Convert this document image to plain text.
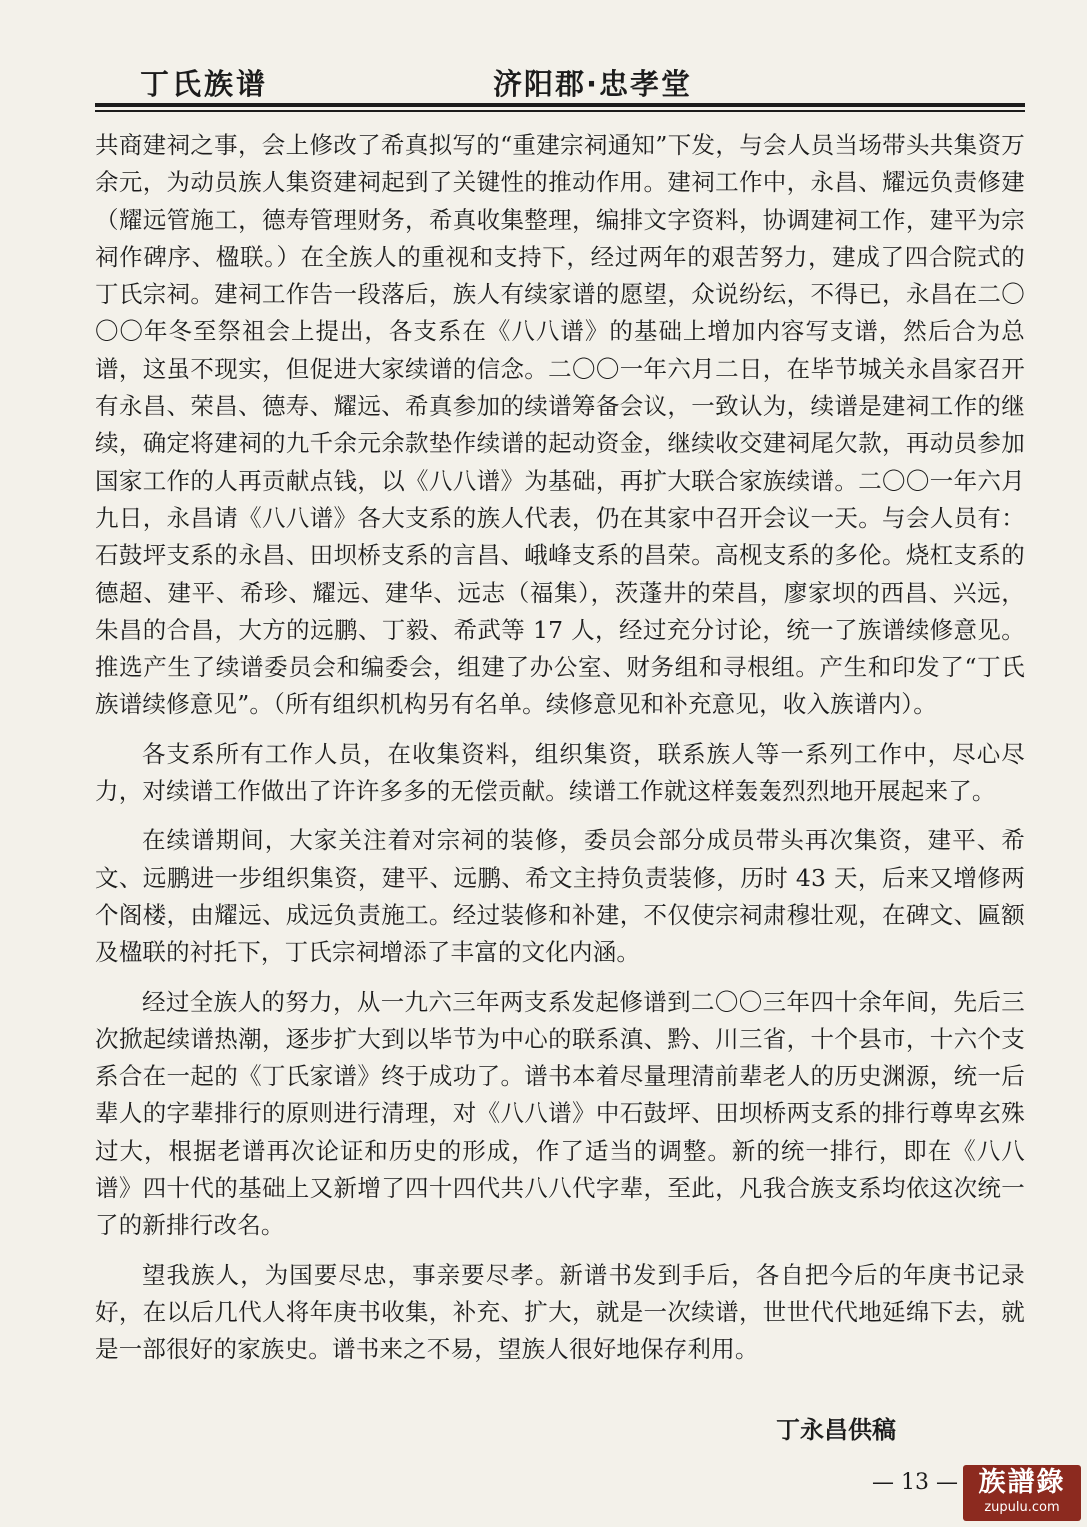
丁氏族谱	济阳郡·忠孝堂

共商建祠之事，会上修改了希真拟写的“重建宗祠通知”下发，与会人员当场带头共集资万余元，为动员族人集资建祠起到了关键性的推动作用。建祠工作中，永昌、耀远负责修建（耀远管施工，德寿管理财务，希真收集整理，编排文字资料，协调建祠工作，建平为宗祠作碑序、楹联。）在全族人的重视和支持下，经过两年的艰苦努力，建成了四合院式的丁氏宗祠。建祠工作告一段落后，族人有续家谱的愿望，众说纷纭，不得已，永昌在二〇〇〇年冬至祭祖会上提出，各支系在《八八谱》的基础上增加内容写支谱，然后合为总谱，这虽不现实，但促进大家续谱的信念。二〇〇一年六月二日，在毕节城关永昌家召开有永昌、荣昌、德寿、耀远、希真参加的续谱筹备会议，一致认为，续谱是建祠工作的继续，确定将建祠的九千余元余款垫作续谱的起动资金，继续收交建祠尾欠款，再动员参加国家工作的人再贡献点钱，以《八八谱》为基础，再扩大联合家族续谱。二〇〇一年六月九日，永昌请《八八谱》各大支系的族人代表，仍在其家中召开会议一天。与会人员有：石鼓坪支系的永昌、田坝桥支系的言昌、峨峰支系的昌荣。高枧支系的多伦。烧杠支系的德超、建平、希珍、耀远、建华、远志（福集），茨蓬井的荣昌，廖家坝的西昌、兴远，朱昌的合昌，大方的远鹏、丁毅、希武等 17 人，经过充分讨论，统一了族谱续修意见。推选产生了续谱委员会和编委会，组建了办公室、财务组和寻根组。产生和印发了“丁氏族谱续修意见”。（所有组织机构另有名单。续修意见和补充意见，收入族谱内）。

各支系所有工作人员，在收集资料，组织集资，联系族人等一系列工作中，尽心尽力，对续谱工作做出了许许多多的无偿贡献。续谱工作就这样轰轰烈烈地开展起来了。

在续谱期间，大家关注着对宗祠的装修，委员会部分成员带头再次集资，建平、希文、远鹏进一步组织集资，建平、远鹏、希文主持负责装修，历时 43 天，后来又增修两个阁楼，由耀远、成远负责施工。经过装修和补建，不仅使宗祠肃穆壮观，在碑文、匾额及楹联的衬托下，丁氏宗祠增添了丰富的文化内涵。

经过全族人的努力，从一九六三年两支系发起修谱到二〇〇三年四十余年间，先后三次掀起续谱热潮，逐步扩大到以毕节为中心的联系滇、黔、川三省，十个县市，十六个支系合在一起的《丁氏家谱》终于成功了。谱书本着尽量理清前辈老人的历史渊源，统一后辈人的字辈排行的原则进行清理，对《八八谱》中石鼓坪、田坝桥两支系的排行尊卑玄殊过大，根据老谱再次论证和历史的形成，作了适当的调整。新的统一排行，即在《八八谱》四十代的基础上又新增了四十四代共八八代字辈，至此，凡我合族支系均依这次统一了的新排行改名。

望我族人，为国要尽忠，事亲要尽孝。新谱书发到手后，各自把今后的年庚书记录好，在以后几代人将年庚书收集，补充、扩大，就是一次续谱，世世代代地延绵下去，就是一部很好的家族史。谱书来之不易，望族人很好地保存利用。

丁永昌供稿
— 13 — 族譜錄
zupulu.com
